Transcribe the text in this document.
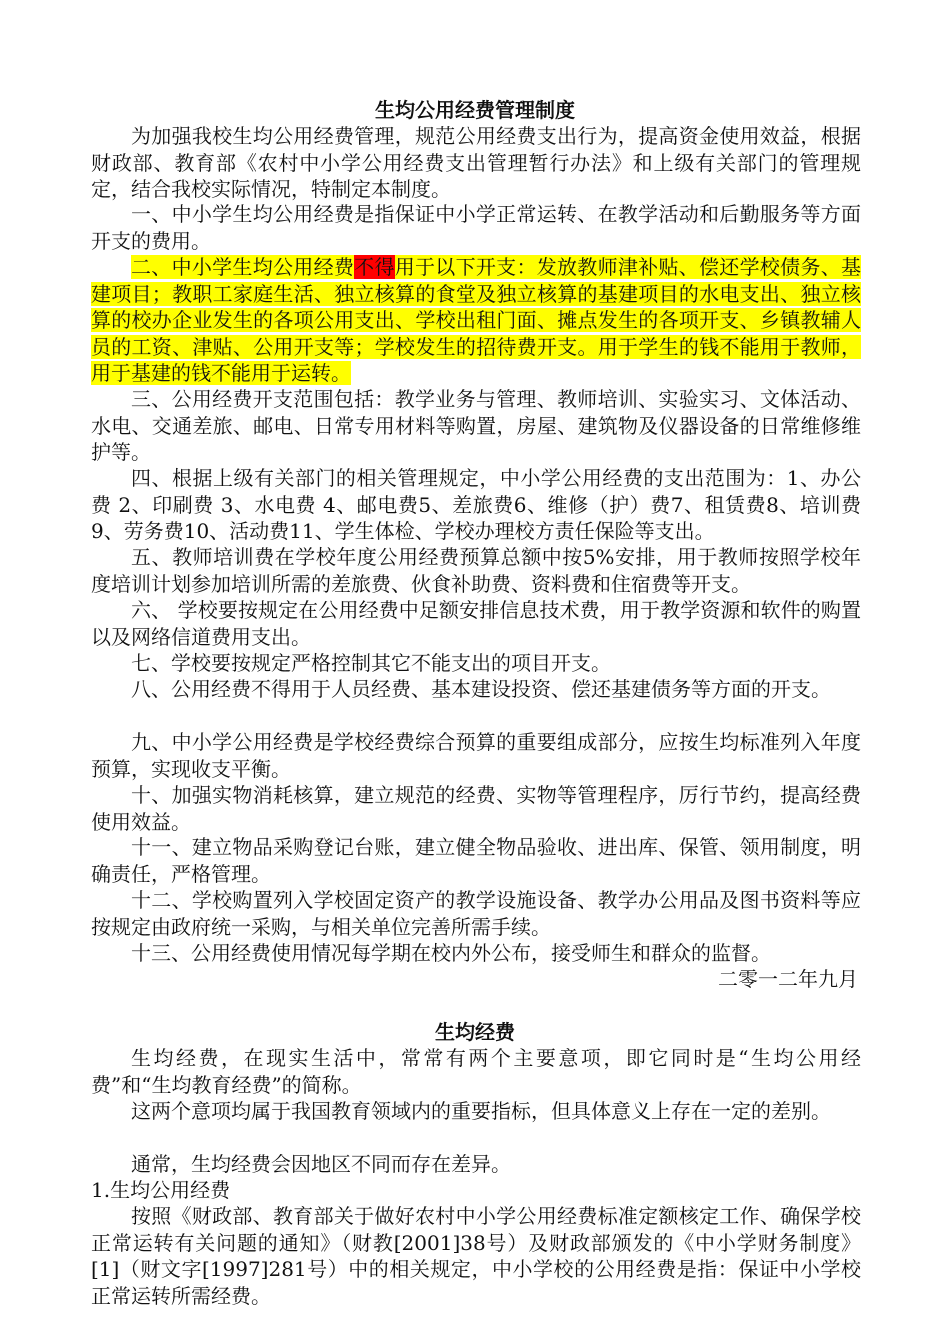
生均公用经费管理制度

为加强我校生均公用经费管理，规范公用经费支出行为，提高资金使用效益，根据财政部、教育部《农村中小学公用经费支出管理暂行办法》和上级有关部门的管理规定，结合我校实际情况，特制定本制度。

一、中小学生均公用经费是指保证中小学正常运转、在教学活动和后勤服务等方面开支的费用。

二、中小学生均公用经费不得用于以下开支：发放教师津补贴、偿还学校债务、基建项目；教职工家庭生活、独立核算的食堂及独立核算的基建项目的水电支出、独立核算的校办企业发生的各项公用支出、学校出租门面、摊点发生的各项开支、乡镇教辅人员的工资、津贴、公用开支等；学校发生的招待费开支。用于学生的钱不能用于教师，用于基建的钱不能用于运转。

三、公用经费开支范围包括：教学业务与管理、教师培训、实验实习、文体活动、水电、交通差旅、邮电、日常专用材料等购置，房屋、建筑物及仪器设备的日常维修维护等。

四、根据上级有关部门的相关管理规定，中小学公用经费的支出范围为：1、办公费 2、印刷费 3、水电费 4、邮电费5、差旅费6、维修（护）费7、租赁费8、培训费9、劳务费10、活动费11、学生体检、学校办理校方责任保险等支出。

五、教师培训费在学校年度公用经费预算总额中按5%安排，用于教师按照学校年度培训计划参加培训所需的差旅费、伙食补助费、资料费和住宿费等开支。

六、 学校要按规定在公用经费中足额安排信息技术费，用于教学资源和软件的购置以及网络信道费用支出。

七、学校要按规定严格控制其它不能支出的项目开支。

八、公用经费不得用于人员经费、基本建设投资、偿还基建债务等方面的开支。

九、中小学公用经费是学校经费综合预算的重要组成部分，应按生均标准列入年度预算，实现收支平衡。

十、加强实物消耗核算，建立规范的经费、实物等管理程序，厉行节约，提高经费使用效益。

十一、建立物品采购登记台账，建立健全物品验收、进出库、保管、领用制度，明确责任，严格管理。

十二、学校购置列入学校固定资产的教学设施设备、教学办公用品及图书资料等应按规定由政府统一采购，与相关单位完善所需手续。

十三、公用经费使用情况每学期在校内外公布，接受师生和群众的监督。

二零一二年九月
生均经费

生均经费，在现实生活中，常常有两个主要意项，即它同时是“生均公用经费”和“生均教育经费”的简称。

这两个意项均属于我国教育领域内的重要指标，但具体意义上存在一定的差别。

通常，生均经费会因地区不同而存在差异。

1.生均公用经费

按照《财政部、教育部关于做好农村中小学公用经费标准定额核定工作、确保学校正常运转有关问题的通知》（财教[2001]38号）及财政部颁发的《中小学财务制度》[1]（财文字[1997]281号）中的相关规定，中小学校的公用经费是指：保证中小学校正常运转所需经费。
